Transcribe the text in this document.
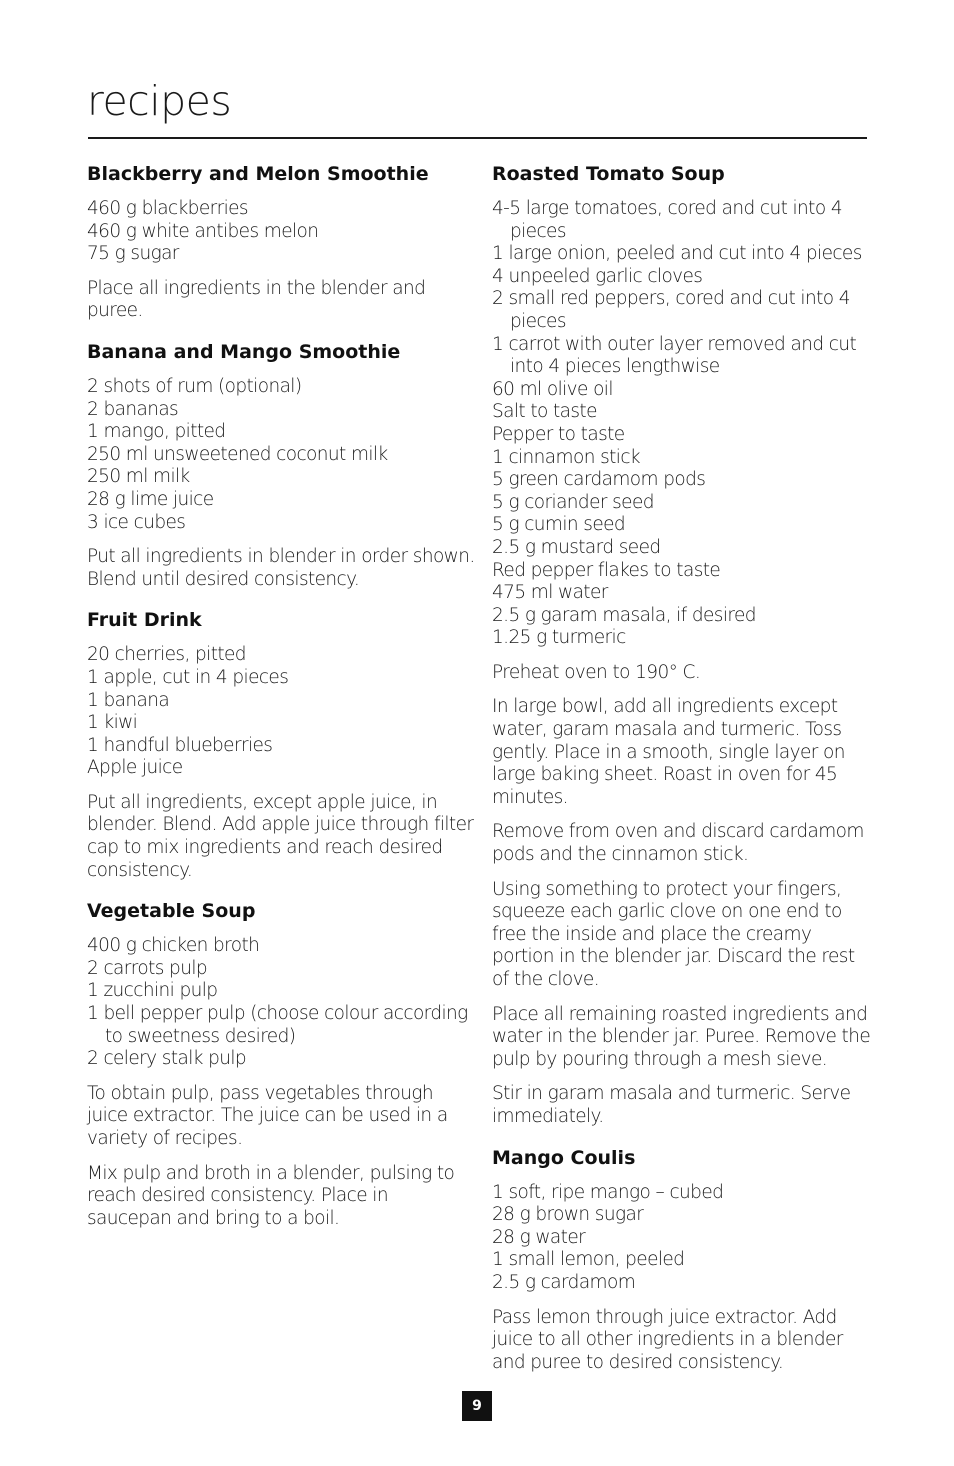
recipes
Blackberry and Melon Smoothie
460 g blackberries
460 g white antibes melon
75 g sugar

Place all ingredients in the blender and puree.

Banana and Mango Smoothie
2 shots of rum (optional)
2 bananas
1 mango, pitted
250 ml unsweetened coconut milk
250 ml milk
28 g lime juice
3 ice cubes

Put all ingredients in blender in order shown. Blend until desired consistency.

Fruit Drink
20 cherries, pitted
1 apple, cut in 4 pieces
1 banana
1 kiwi
1 handful blueberries
Apple juice

Put all ingredients, except apple juice, in blender. Blend. Add apple juice through filter cap to mix ingredients and reach desired consistency.

Vegetable Soup
400 g chicken broth
2 carrots pulp
1 zucchini pulp
1 bell pepper pulp (choose colour according to sweetness desired)
2 celery stalk pulp

To obtain pulp, pass vegetables through juice extractor. The juice can be used in a variety of recipes.

Mix pulp and broth in a blender, pulsing to reach desired consistency. Place in saucepan and bring to a boil.

Roasted Tomato Soup
4-5 large tomatoes, cored and cut into 4 pieces
1 large onion, peeled and cut into 4 pieces
4 unpeeled garlic cloves
2 small red peppers, cored and cut into 4 pieces
1 carrot with outer layer removed and cut into 4 pieces lengthwise
60 ml olive oil
Salt to taste
Pepper to taste
1 cinnamon stick
5 green cardamom pods
5 g coriander seed
5 g cumin seed
2.5 g mustard seed
Red pepper flakes to taste
475 ml water
2.5 g garam masala, if desired
1.25 g turmeric

Preheat oven to 190° C.

In large bowl, add all ingredients except water, garam masala and turmeric. Toss gently. Place in a smooth, single layer on large baking sheet. Roast in oven for 45 minutes.

Remove from oven and discard cardamom pods and the cinnamon stick.

Using something to protect your fingers, squeeze each garlic clove on one end to free the inside and place the creamy portion in the blender jar. Discard the rest of the clove.

Place all remaining roasted ingredients and water in the blender jar. Puree. Remove the pulp by pouring through a mesh sieve.

Stir in garam masala and turmeric. Serve immediately.

Mango Coulis
1 soft, ripe mango – cubed
28 g brown sugar
28 g water
1 small lemon, peeled
2.5 g cardamom

Pass lemon through juice extractor. Add juice to all other ingredients in a blender and puree to desired consistency.

9
